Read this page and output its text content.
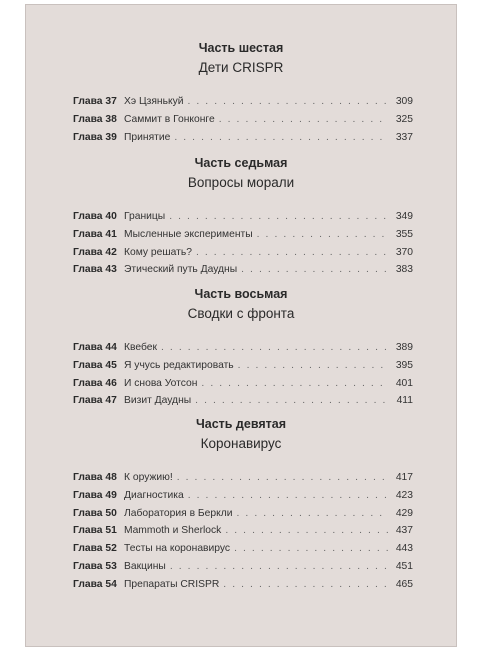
Часть шестая
Дети CRISPR
Глава 37 Хэ Цзянькуй . . .	309
Глава 38 Саммит в Гонконге . . .	325
Глава 39 Принятие . . .	337
Часть седьмая
Вопросы морали
Глава 40 Границы . . .	349
Глава 41 Мысленные эксперименты . . .	355
Глава 42 Кому решать? . . .	370
Глава 43 Этический путь Даудны . . .	383
Часть восьмая
Сводки с фронта
Глава 44 Квебек . . .	389
Глава 45 Я учусь редактировать . . .	395
Глава 46 И снова Уотсон . . .	401
Глава 47 Визит Даудны . . .	411
Часть девятая
Коронавирус
Глава 48 К оружию! . . .	417
Глава 49 Диагностика . . .	423
Глава 50 Лаборатория в Беркли . . .	429
Глава 51 Mammoth и Sherlock . . .	437
Глава 52 Тесты на коронавирус . . .	443
Глава 53 Вакцины . . .	451
Глава 54 Препараты CRISPR . . .	465
